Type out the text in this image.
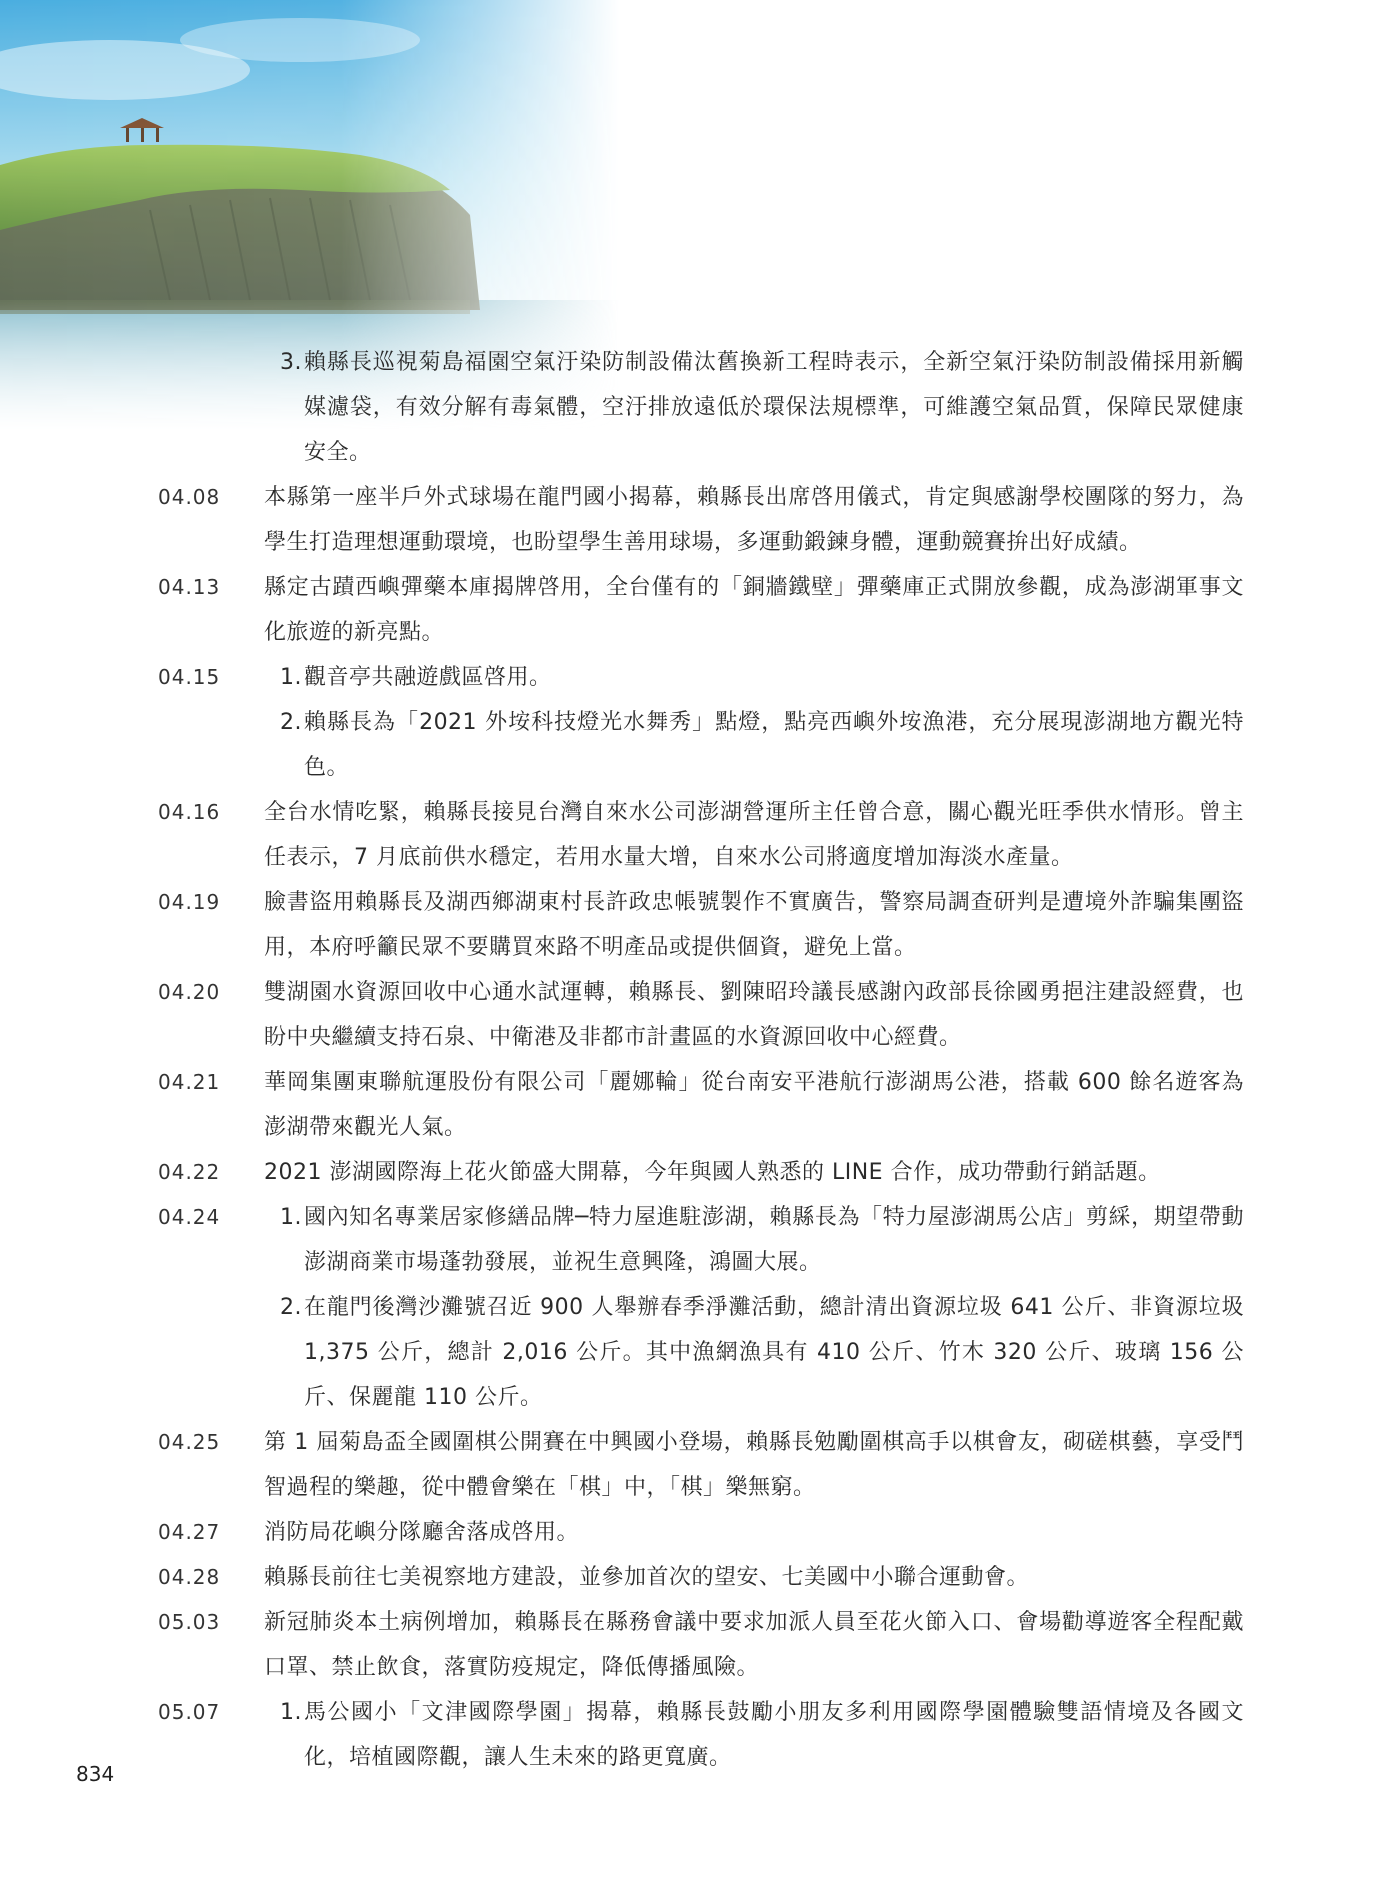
3. 賴縣長巡視菊島福園空氣汙染防制設備汰舊換新工程時表示，全新空氣汙染防制設備採用新觸媒濾袋，有效分解有毒氣體，空汙排放遠低於環保法規標準，可維護空氣品質，保障民眾健康安全。
04.08	本縣第一座半戶外式球場在龍門國小揭幕，賴縣長出席啓用儀式，肯定與感謝學校團隊的努力，為學生打造理想運動環境，也盼望學生善用球場，多運動鍛鍊身體，運動競賽拚出好成績。
04.13	縣定古蹟西嶼彈藥本庫揭牌啓用，全台僅有的「銅牆鐵壁」彈藥庫正式開放參觀，成為澎湖軍事文化旅遊的新亮點。
04.15	1. 觀音亭共融遊戲區啓用。
2. 賴縣長為「2021 外垵科技燈光水舞秀」點燈，點亮西嶼外垵漁港，充分展現澎湖地方觀光特色。
04.16	全台水情吃緊，賴縣長接見台灣自來水公司澎湖營運所主任曾合意，關心觀光旺季供水情形。曾主任表示，7 月底前供水穩定，若用水量大增，自來水公司將適度增加海淡水產量。
04.19	臉書盜用賴縣長及湖西鄉湖東村長許政忠帳號製作不實廣告，警察局調查研判是遭境外詐騙集團盜用，本府呼籲民眾不要購買來路不明產品或提供個資，避免上當。
04.20	雙湖園水資源回收中心通水試運轉，賴縣長、劉陳昭玲議長感謝內政部長徐國勇挹注建設經費，也盼中央繼續支持石泉、中衛港及非都市計畫區的水資源回收中心經費。
04.21	華岡集團東聯航運股份有限公司「麗娜輪」從台南安平港航行澎湖馬公港，搭載 600 餘名遊客為澎湖帶來觀光人氣。
04.22	2021 澎湖國際海上花火節盛大開幕，今年與國人熟悉的 LINE 合作，成功帶動行銷話題。
04.24	1. 國內知名專業居家修繕品牌─特力屋進駐澎湖，賴縣長為「特力屋澎湖馬公店」剪綵，期望帶動澎湖商業市場蓬勃發展，並祝生意興隆，鴻圖大展。
2. 在龍門後灣沙灘號召近 900 人舉辦春季淨灘活動，總計清出資源垃圾 641 公斤、非資源垃圾 1,375 公斤，總計 2,016 公斤。其中漁網漁具有 410 公斤、竹木 320 公斤、玻璃 156 公斤、保麗龍 110 公斤。
04.25	第 1 屆菊島盃全國圍棋公開賽在中興國小登場，賴縣長勉勵圍棋高手以棋會友，砌磋棋藝，享受鬥智過程的樂趣，從中體會樂在「棋」中，「棋」樂無窮。
04.27	消防局花嶼分隊廳舍落成啓用。
04.28	賴縣長前往七美視察地方建設，並參加首次的望安、七美國中小聯合運動會。
05.03	新冠肺炎本土病例增加，賴縣長在縣務會議中要求加派人員至花火節入口、會場勸導遊客全程配戴口罩、禁止飲食，落實防疫規定，降低傳播風險。
05.07	1. 馬公國小「文津國際學園」揭幕，賴縣長鼓勵小朋友多利用國際學園體驗雙語情境及各國文化，培植國際觀，讓人生未來的路更寬廣。
834
